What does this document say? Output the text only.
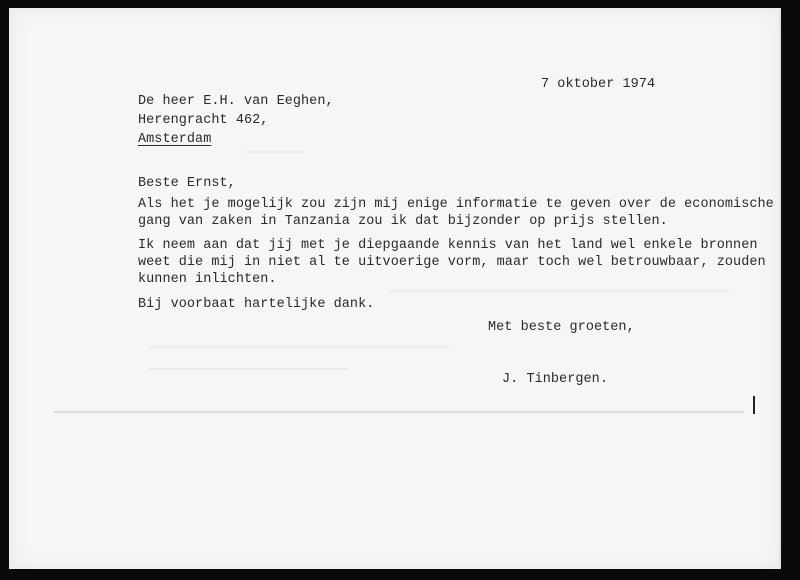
7 oktober 1974

De heer E.H. van Eeghen,

Herengracht 462,

Amsterdam

Beste Ernst,

Als het je mogelijk zou zijn mij enige informatie te geven over de economische

gang van zaken in Tanzania zou ik dat bijzonder op prijs stellen.

Ik neem aan dat jij met je diepgaande kennis van het land wel enkele bronnen

weet die mij in niet al te uitvoerige vorm, maar toch wel betrouwbaar, zouden

kunnen inlichten.

Bij voorbaat hartelijke dank.

Met beste groeten,

J. Tinbergen.
